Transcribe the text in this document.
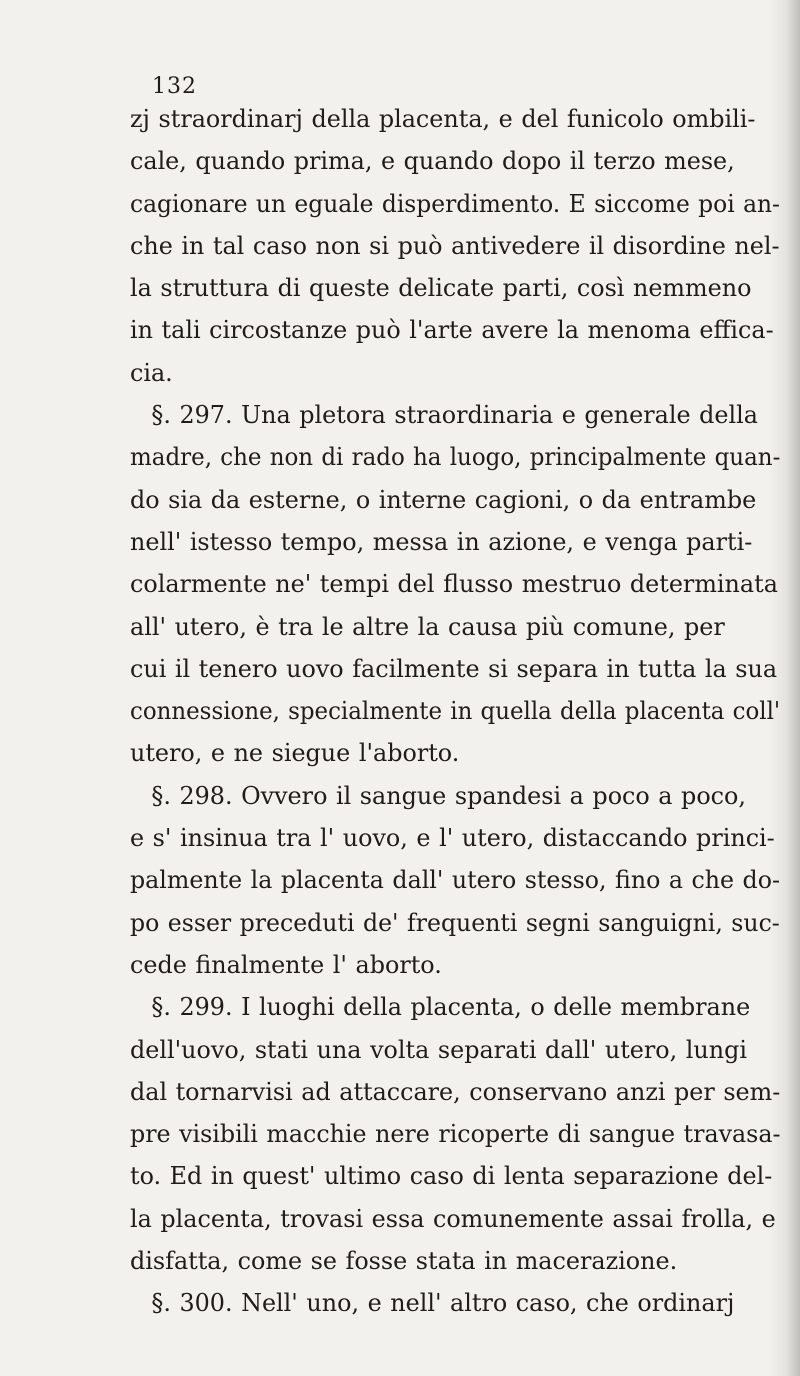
132
zj straordinarj della placenta, e del funicolo ombili-
cale, quando prima, e quando dopo il terzo mese,
cagionare un eguale disperdimento. E siccome poi an-
che in tal caso non si può antivedere il disordine nel-
la struttura di queste delicate parti, così nemmeno
in tali circostanze può l'arte avere la menoma effica-
cia.
§. 297. Una pletora straordinaria e generale della
madre, che non di rado ha luogo, principalmente quan-
do sia da esterne, o interne cagioni, o da entrambe
nell' istesso tempo, messa in azione, e venga parti-
colarmente ne' tempi del flusso mestruo determinata
all' utero, è tra le altre la causa più comune, per
cui il tenero uovo facilmente si separa in tutta la sua
connessione, specialmente in quella della placenta coll'
utero, e ne siegue l'aborto.
§. 298. Ovvero il sangue spandesi a poco a poco,
e s' insinua tra l' uovo, e l' utero, distaccando princi-
palmente la placenta dall' utero stesso, fino a che do-
po esser preceduti de' frequenti segni sanguigni, suc-
cede finalmente l' aborto.
§. 299. I luoghi della placenta, o delle membrane
dell'uovo, stati una volta separati dall' utero, lungi
dal tornarvisi ad attaccare, conservano anzi per sem-
pre visibili macchie nere ricoperte di sangue travasa-
to. Ed in quest' ultimo caso di lenta separazione del-
la placenta, trovasi essa comunemente assai frolla, e
disfatta, come se fosse stata in macerazione.
§. 300. Nell' uno, e nell' altro caso, che ordinarj
